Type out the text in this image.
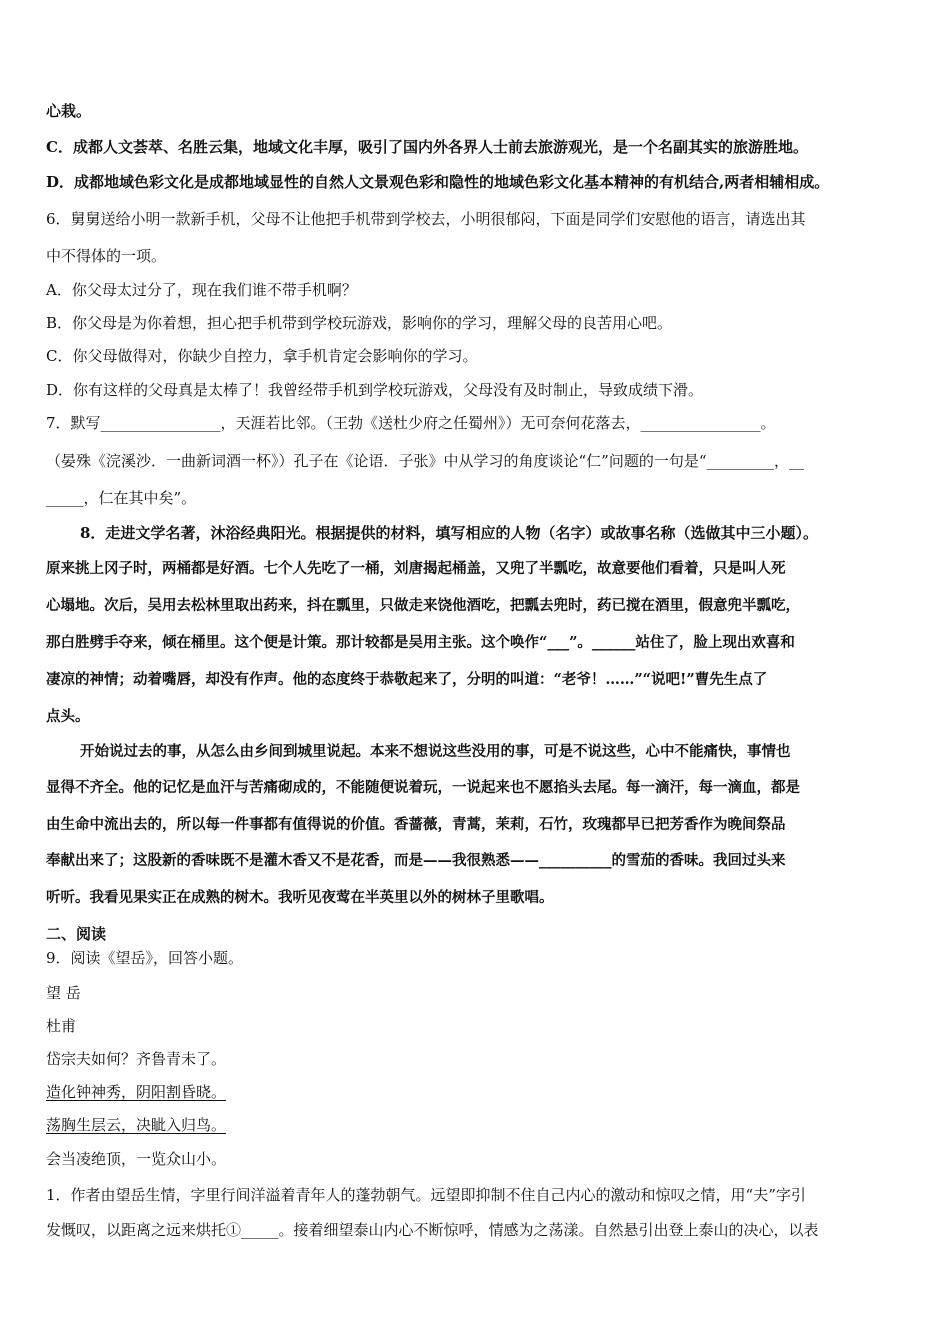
心栽。
C．成都人文荟萃、名胜云集，地域文化丰厚，吸引了国内外各界人士前去旅游观光，是一个名副其实的旅游胜地。
D．成都地域色彩文化是成都地域显性的自然人文景观色彩和隐性的地域色彩文化基本精神的有机结合,两者相辅相成。
6．舅舅送给小明一款新手机，父母不让他把手机带到学校去，小明很郁闷，下面是同学们安慰他的语言，请选出其
中不得体的一项。
A．你父母太过分了，现在我们谁不带手机啊？
B．你父母是为你着想，担心把手机带到学校玩游戏，影响你的学习，理解父母的良苦用心吧。
C．你父母做得对，你缺少自控力，拿手机肯定会影响你的学习。
D．你有这样的父母真是太棒了！我曾经带手机到学校玩游戏，父母没有及时制止，导致成绩下滑。
7．默写________________，天涯若比邻。（王勃《送杜少府之任蜀州》）无可奈何花落去，________________。
（晏殊《浣溪沙．一曲新词酒一杯》）孔子在《论语．子张》中从学习的角度谈论“仁”问题的一句是“_________，__
_____，仁在其中矣”。
8．走进文学名著，沐浴经典阳光。根据提供的材料，填写相应的人物（名字）或故事名称（选做其中三小题）。
原来挑上冈子时，两桶都是好酒。七个人先吃了一桶，刘唐揭起桶盖，又兜了半瓢吃，故意要他们看着，只是叫人死
心塌地。次后，吴用去松林里取出药来，抖在瓢里，只做走来饶他酒吃，把瓢去兜时，药已搅在酒里，假意兜半瓢吃，
那白胜劈手夺来，倾在桶里。这个便是计策。那计较都是吴用主张。这个唤作“___”。______站住了，脸上现出欢喜和
凄凉的神情；动着嘴唇，却没有作声。他的态度终于恭敬起来了，分明的叫道：“老爷！……”“说吧!”曹先生点了
点头。
开始说过去的事，从怎么由乡间到城里说起。本来不想说这些没用的事，可是不说这些，心中不能痛快，事情也
显得不齐全。他的记忆是血汗与苦痛砌成的，不能随便说着玩，一说起来也不愿掐头去尾。每一滴汗，每一滴血，都是
由生命中流出去的，所以每一件事都有值得说的价值。香蔷薇，青蒿，茉莉，石竹，玫瑰都早已把芳香作为晚间祭品
奉献出来了；这股新的香味既不是灌木香又不是花香，而是——我很熟悉——__________的雪茄的香味。我回过头来
听听。我看见果实正在成熟的树木。我听见夜莺在半英里以外的树林子里歌唱。
二、阅读
9．阅读《望岳》，回答小题。
望 岳
杜甫
岱宗夫如何？齐鲁青未了。
造化钟神秀，阴阳割昏晓。
荡胸生层云，决眦入归鸟。
会当凌绝顶，一览众山小。
1．作者由望岳生情，字里行间洋溢着青年人的蓬勃朝气。远望即抑制不住自己内心的激动和惊叹之情，用“夫”字引
发慨叹，以距离之远来烘托①_____。接着细望泰山内心不断惊呼，情感为之荡漾。自然悬引出登上泰山的决心，以表
